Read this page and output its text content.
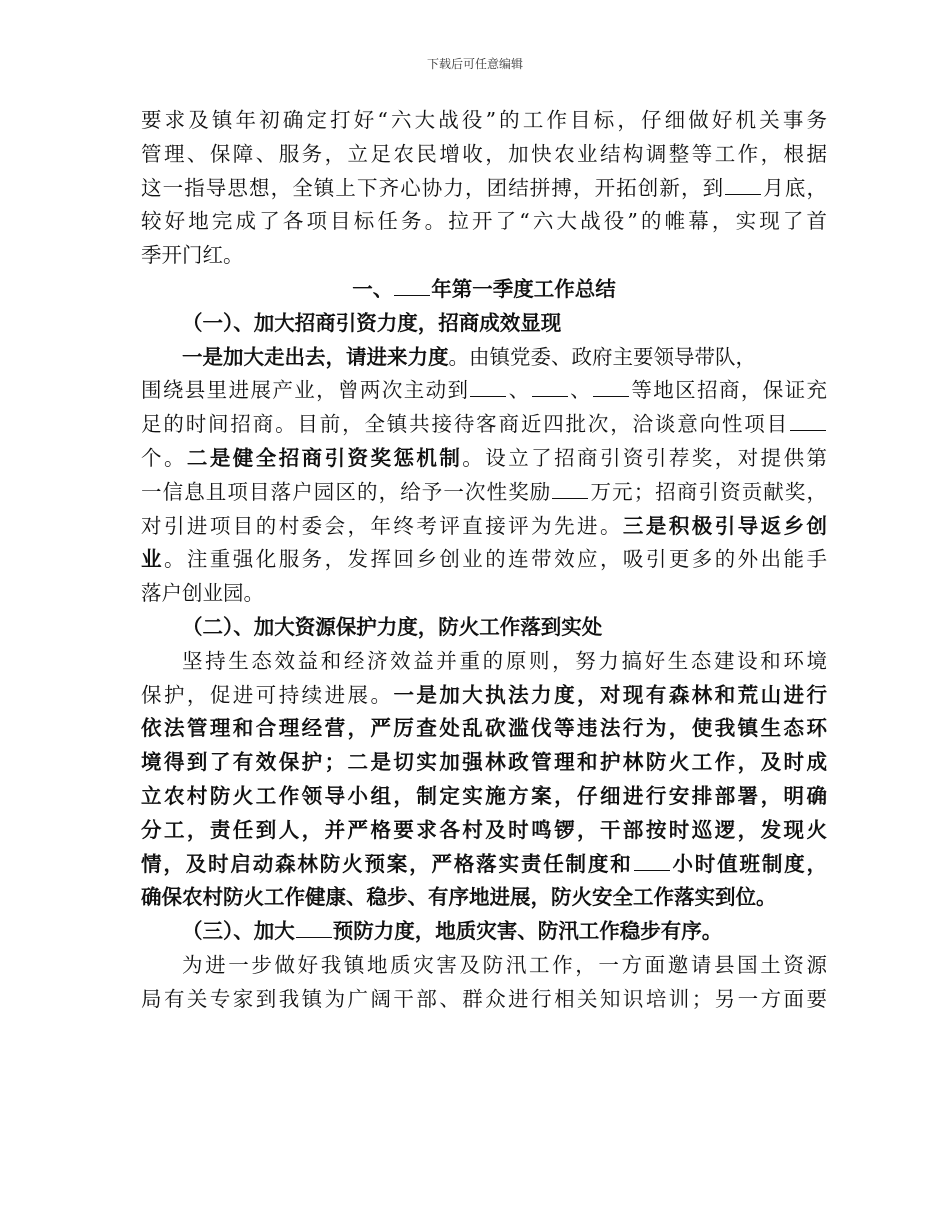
下载后可任意编辑
要求及镇年初确定打好“六大战役”的工作目标，仔细做好机关事务
管理、保障、服务，立足农民增收，加快农业结构调整等工作，根据
这一指导思想，全镇上下齐心协力，团结拼搏，开拓创新，到 月底，
较好地完成了各项目标任务。拉开了“六大战役”的帷幕，实现了首
季开门红。
一、 年第一季度工作总结
（一）、加大招商引资力度，招商成效显现
一是加大走出去，请进来力度。由镇党委、政府主要领导带队，
围绕县里进展产业，曾两次主动到 、 、 等地区招商，保证充
足的时间招商。目前，全镇共接待客商近四批次，洽谈意向性项目
个。二是健全招商引资奖惩机制。设立了招商引资引荐奖，对提供第
一信息且项目落户园区的，给予一次性奖励 万元；招商引资贡献奖，
对引进项目的村委会，年终考评直接评为先进。三是积极引导返乡创
业。注重强化服务，发挥回乡创业的连带效应，吸引更多的外出能手
落户创业园。
（二）、加大资源保护力度，防火工作落到实处
坚持生态效益和经济效益并重的原则，努力搞好生态建设和环境
保护，促进可持续进展。一是加大执法力度，对现有森林和荒山进行
依法管理和合理经营，严厉查处乱砍滥伐等违法行为，使我镇生态环
境得到了有效保护；二是切实加强林政管理和护林防火工作，及时成
立农村防火工作领导小组，制定实施方案，仔细进行安排部署，明确
分工，责任到人，并严格要求各村及时鸣锣，干部按时巡逻，发现火
情，及时启动森林防火预案，严格落实责任制度和 小时值班制度，
确保农村防火工作健康、稳步、有序地进展，防火安全工作落实到位。
（三）、加大 预防力度，地质灾害、防汛工作稳步有序。
为进一步做好我镇地质灾害及防汛工作，一方面邀请县国土资源
局有关专家到我镇为广阔干部、群众进行相关知识培训；另一方面要
